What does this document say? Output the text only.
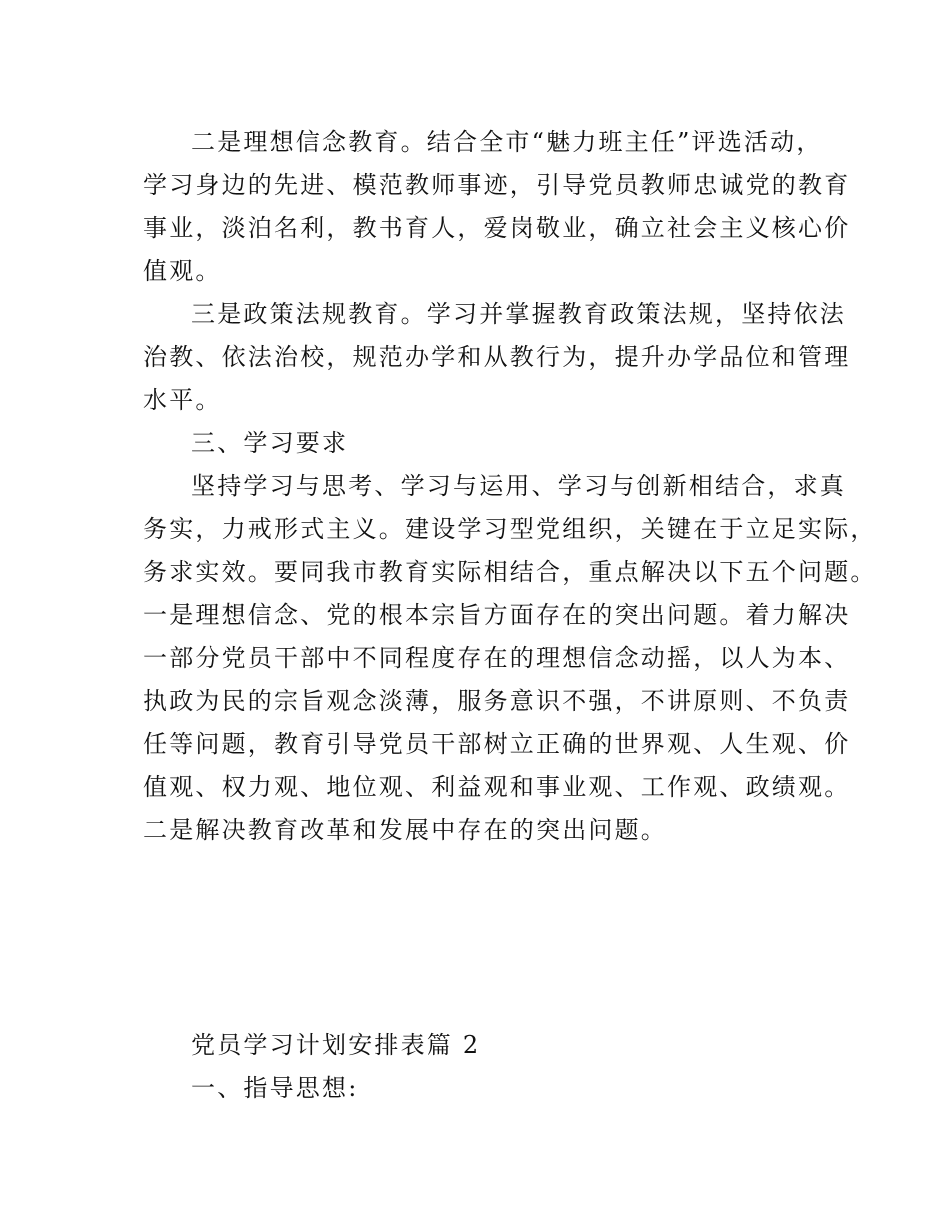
二是理想信念教育。结合全市“魅力班主任”评选活动，
学习身边的先进、模范教师事迹，引导党员教师忠诚党的教育
事业，淡泊名利，教书育人，爱岗敬业，确立社会主义核心价
值观。
三是政策法规教育。学习并掌握教育政策法规，坚持依法
治教、依法治校，规范办学和从教行为，提升办学品位和管理
水平。
三、学习要求
坚持学习与思考、学习与运用、学习与创新相结合，求真
务实，力戒形式主义。建设学习型党组织，关键在于立足实际，
务求实效。要同我市教育实际相结合，重点解决以下五个问题。
一是理想信念、党的根本宗旨方面存在的突出问题。着力解决
一部分党员干部中不同程度存在的理想信念动摇，以人为本、
执政为民的宗旨观念淡薄，服务意识不强，不讲原则、不负责
任等问题，教育引导党员干部树立正确的世界观、人生观、价
值观、权力观、地位观、利益观和事业观、工作观、政绩观。
二是解决教育改革和发展中存在的突出问题。
党员学习计划安排表篇 2
一、指导思想:
